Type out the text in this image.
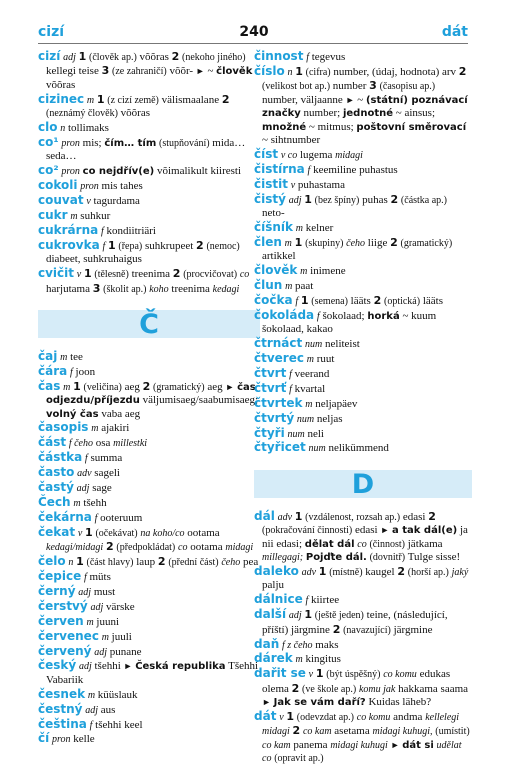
cizí	240	dát
cizí adj 1 (člověk ap.) võõras 2 (nekoho jiného) kellegi teise 3 (ze zahraničí) võõr- ► ~ člověk võõras
cizinec m 1 (z cizí země) välismaalane 2 (neznámý člověk) võõras
clo n tollimaks
co¹ pron mis; čím… tím (stupňování) mida… seda…
co² pron co nejdřív(e) võimalikult kiiresti
cokoli pron mis tahes
couvat v tagurdama
cukr m suhkur
cukrárna f kondiitriäri
cukrovka f 1 (řepa) suhkrupeet 2 (nemoc) diabeet, suhkruhaigus
cvičit v 1 (tělesně) treenima 2 (procvičovat) co harjutama 3 (školit ap.) koho treenima kedagi
Č
čaj m tee
čára f joon
čas m 1 (veličina) aeg 2 (gramatický) aeg ► čas odjezdu/příjezdu väljumisaeg/saabumisaeg; volný čas vaba aeg
časopis m ajakiri
část f čeho osa millestki
částka f summa
často adv sageli
častý adj sage
Čech m tšehh
čekárna f ooteruum
čekat v 1 (očekávat) na koho/co ootama kedagi/midagi 2 (předpokládat) co ootama midagi
čelo n 1 (část hlavy) laup 2 (přední část) čeho pea
čepice f müts
černý adj must
čerstvý adj värske
červen m juuni
červenec m juuli
červený adj punane
český adj tšehhi ► Česká republika Tšehhi Vabariik
česnek m küüslauk
čestný adj aus
čeština f tšehhi keel
čí pron kelle
činnost f tegevus
číslo n 1 (cifra) number, (údaj, hodnota) arv 2 (velikost bot ap.) number 3 (časopisu ap.) number, väljaanne ► ~ (státní) poznávací značky number; jednotné ~ ainsus; množné ~ mitmus; poštovní směrovací ~ sihtnumber
číst v co lugema midagi
čistírna f keemiline puhastus
čistit v puhastama
čistý adj 1 (bez špíny) puhas 2 (částka ap.) neto-
číšník m kelner
člen m 1 (skupiny) čeho liige 2 (gramatický) artikkel
člověk m inimene
člun m paat
čočka f 1 (semena) lääts 2 (optická) lääts
čokoláda f šokolaad; horká ~ kuum šokolaad, kakao
čtrnáct num neliteist
čtverec m ruut
čtvrt f veerand
čtvrť f kvartal
čtvrtek m neljapäev
čtvrtý num neljas
čtyři num neli
čtyřicet num nelikümmend
D
dál adv 1 (vzdálenost, rozsah ap.) edasi 2 (pokračování činnosti) edasi ► a tak dál(e) ja nii edasi; dělat dál co (činnost) jätkama millegagi; Pojďte dál. (dovnitř) Tulge sisse!
daleko adv 1 (místně) kaugel 2 (horší ap.) jaký palju
dálnice f kiirtee
další adj 1 (ještě jeden) teine, (následující, příští) järgmine 2 (navazující) järgmine
daň f z čeho maks
dárek m kingitus
dařit se v 1 (být úspěšný) co komu edukas olema 2 (ve škole ap.) komu jak hakkama saama ► Jak se vám daří? Kuidas läheb?
dát v 1 (odevzdat ap.) co komu andma kellelegi midagi 2 co kam asetama midagi kuhugi, (umístit) co kam panema midagi kuhugi ► dát si udělat co (opravit ap.)
